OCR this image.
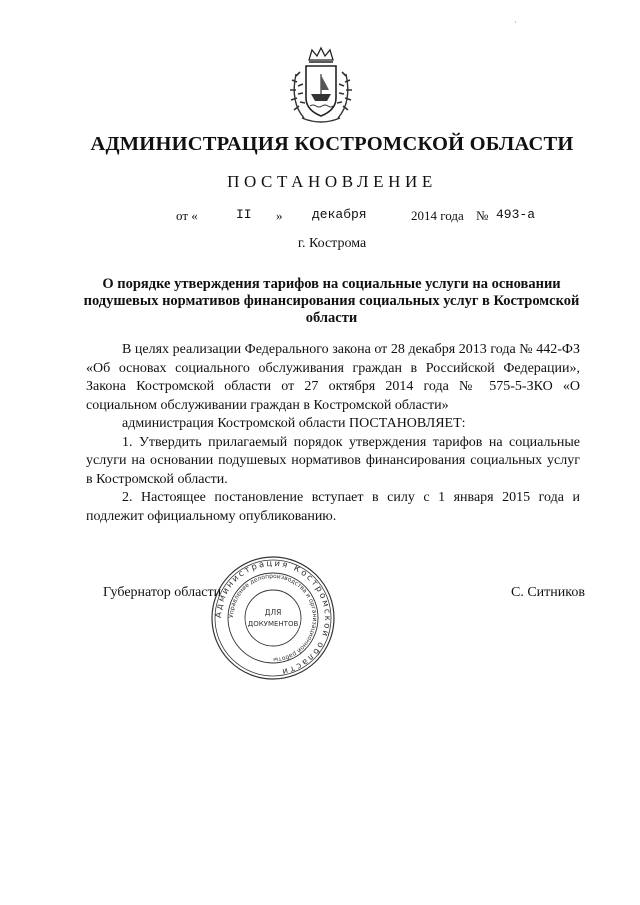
·
АДМИНИСТРАЦИЯ КОСТРОМСКОЙ ОБЛАСТИ
ПОСТАНОВЛЕНИЕ
от «	II » декабря	2014 года № 493-а
г. Кострома
О порядке утверждения тарифов на социальные услуги на основании подушевых нормативов финансирования социальных услуг в Костромской области

В целях реализации Федерального закона от 28 декабря 2013 года № 442-ФЗ «Об основах социального обслуживания граждан в Российской Федерации», Закона Костромской области от 27 октября 2014 года № 575-5-ЗКО «О социальном обслуживании граждан в Костромской области»

администрация Костромской области ПОСТАНОВЛЯЕТ:

1. Утвердить прилагаемый порядок утверждения тарифов на социальные услуги на основании подушевых нормативов финансирования социальных услуг в Костромской области.

2. Настоящее постановление вступает в силу с 1 января 2015 года и подлежит официальному опубликованию.

Губернатор области	С. Ситников
Администрация Костромской области
Управление делопроизводства и организационной работы
ДЛЯ
ДОКУМЕНТОВ
